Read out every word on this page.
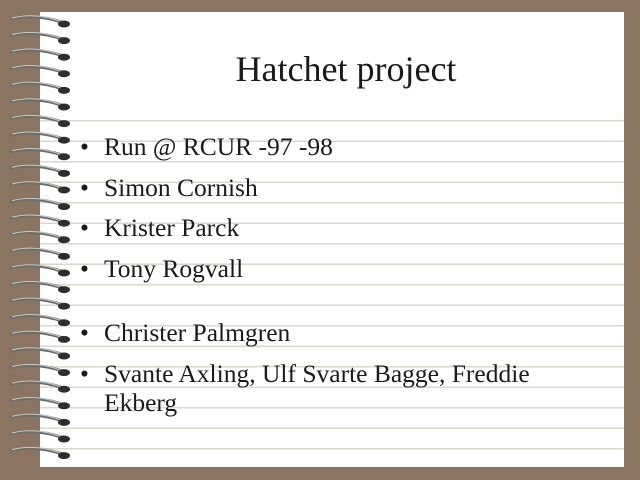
Hatchet project
• Run @ RCUR -97 -98
• Simon Cornish
• Krister Parck
• Tony Rogvall
• Christer Palmgren
• Svante Axling, Ulf Svarte Bagge, Freddie Ekberg
